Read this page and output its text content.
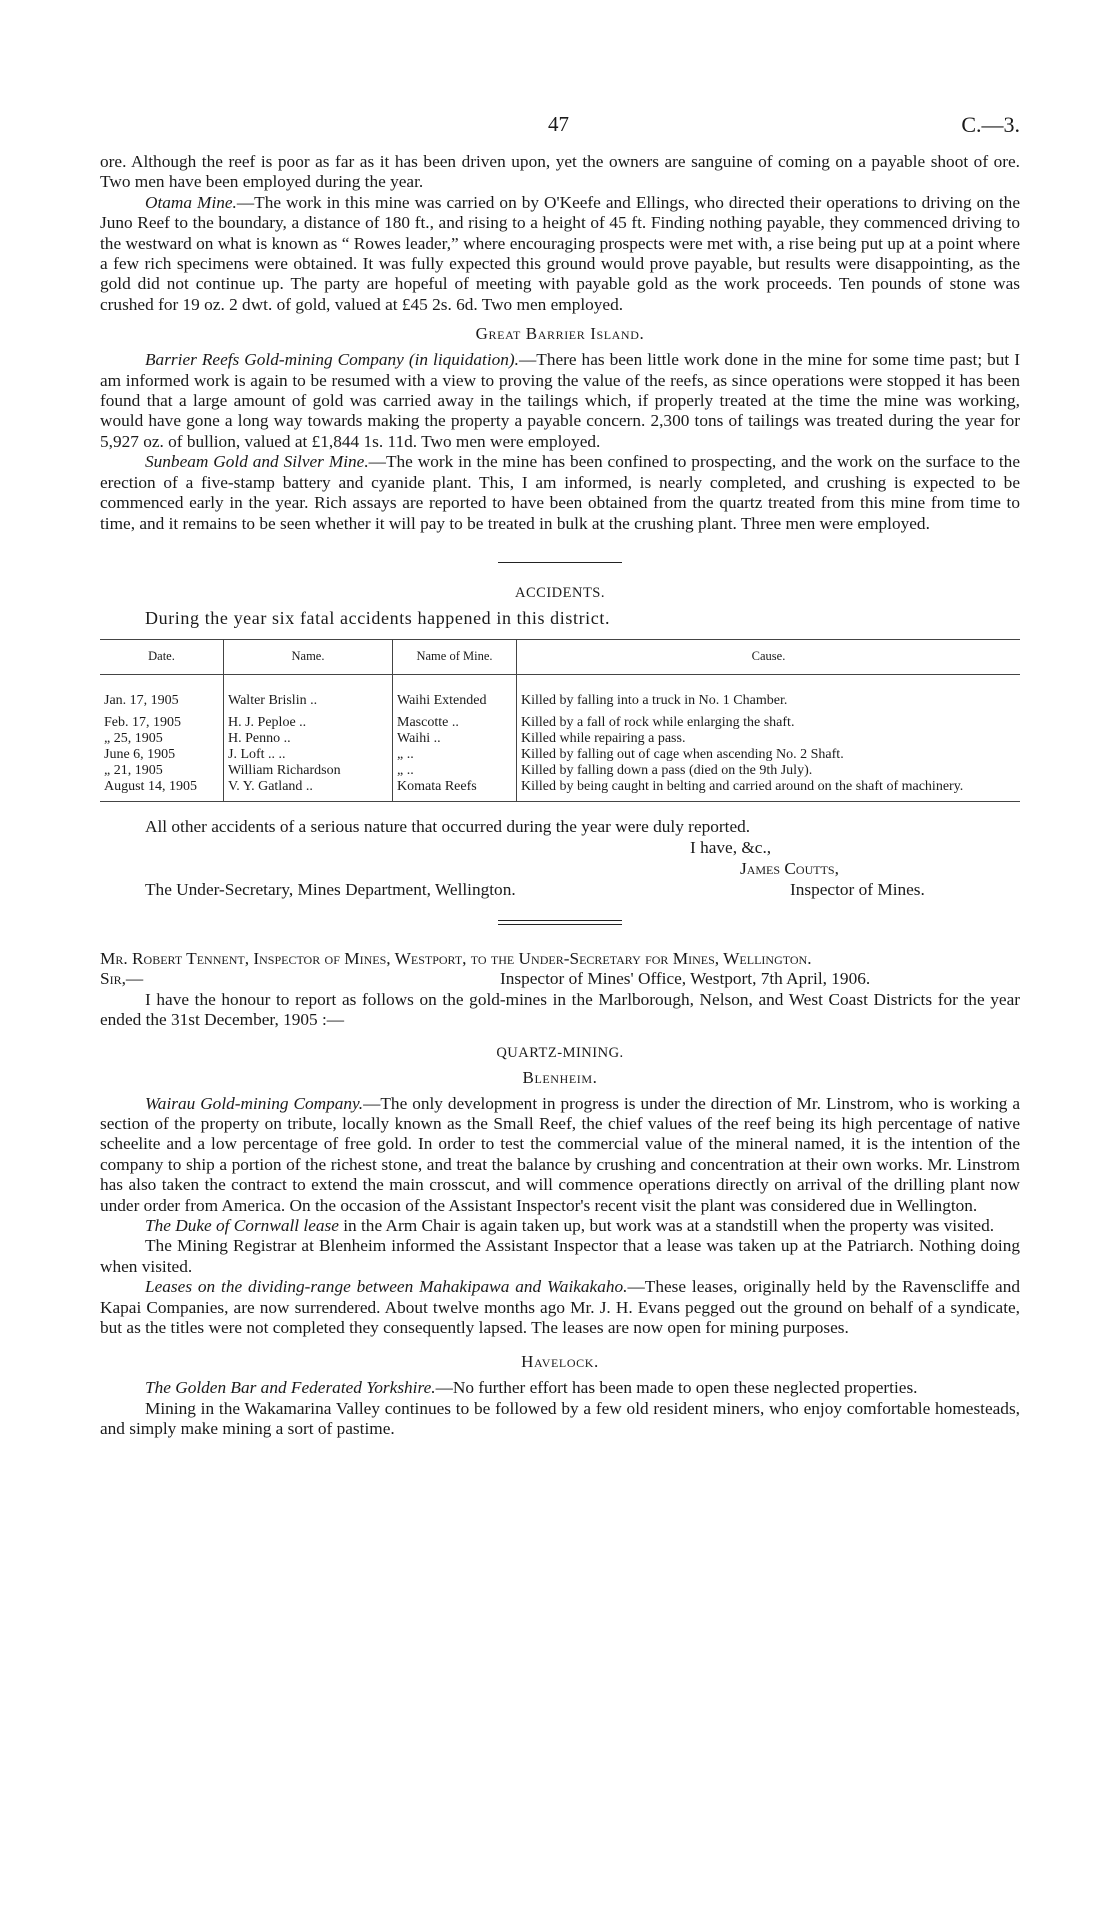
47	C.—3.

ore. Although the reef is poor as far as it has been driven upon, yet the owners are sanguine of coming on a payable shoot of ore. Two men have been employed during the year.

Otama Mine.—The work in this mine was carried on by O'Keefe and Ellings, who directed their operations to driving on the Juno Reef to the boundary, a distance of 180 ft., and rising to a height of 45 ft. Finding nothing payable, they commenced driving to the westward on what is known as “ Rowes leader,” where encouraging prospects were met with, a rise being put up at a point where a few rich specimens were obtained. It was fully expected this ground would prove payable, but results were disappointing, as the gold did not continue up. The party are hopeful of meeting with payable gold as the work proceeds. Ten pounds of stone was crushed for 19 oz. 2 dwt. of gold, valued at £45 2s. 6d. Two men employed.

Great Barrier Island.

Barrier Reefs Gold-mining Company (in liquidation).—There has been little work done in the mine for some time past; but I am informed work is again to be resumed with a view to proving the value of the reefs, as since operations were stopped it has been found that a large amount of gold was carried away in the tailings which, if properly treated at the time the mine was working, would have gone a long way towards making the property a payable concern. 2,300 tons of tailings was treated during the year for 5,927 oz. of bullion, valued at £1,844 1s. 11d. Two men were employed.

Sunbeam Gold and Silver Mine.—The work in the mine has been confined to prospecting, and the work on the surface to the erection of a five-stamp battery and cyanide plant. This, I am informed, is nearly completed, and crushing is expected to be commenced early in the year. Rich assays are reported to have been obtained from the quartz treated from this mine from time to time, and it remains to be seen whether it will pay to be treated in bulk at the crushing plant. Three men were employed.

ACCIDENTS.
During the year six fatal accidents happened in this district.
Date.	Name.	Name of Mine.	Cause.
Jan. 17, 1905	Walter Brislin ..	Waihi Extended	Killed by falling into a truck in No. 1 Chamber.

Feb. 17, 1905	H. J. Peploe ..	Mascotte ..	Killed by a fall of rock while enlarging the shaft.
„ 25, 1905	H. Penno ..	Waihi ..	Killed while repairing a pass.
June 6, 1905	J. Loft .. ..	„ ..	Killed by falling out of cage when ascending No. 2 Shaft.
„ 21, 1905	William Richardson	„ ..	Killed by falling down a pass (died on the 9th July).
August 14, 1905	V. Y. Gatland ..	Komata Reefs	Killed by being caught in belting and carried around on the shaft of machinery.
All other accidents of a serious nature that occurred during the year were duly reported.
I have, &c.,
James Coutts,
The Under-Secretary, Mines Department, Wellington.	Inspector of Mines.
Mr. Robert Tennent, Inspector of Mines, Westport, to the Under-Secretary for Mines, Wellington.
Sir,—	Inspector of Mines' Office, Westport, 7th April, 1906.

I have the honour to report as follows on the gold-mines in the Marlborough, Nelson, and West Coast Districts for the year ended the 31st December, 1905 :—

QUARTZ-MINING.
Blenheim.

Wairau Gold-mining Company.—The only development in progress is under the direction of Mr. Linstrom, who is working a section of the property on tribute, locally known as the Small Reef, the chief values of the reef being its high percentage of native scheelite and a low percentage of free gold. In order to test the commercial value of the mineral named, it is the intention of the company to ship a portion of the richest stone, and treat the balance by crushing and concentration at their own works. Mr. Linstrom has also taken the contract to extend the main crosscut, and will commence operations directly on arrival of the drilling plant now under order from America. On the occasion of the Assistant Inspector's recent visit the plant was considered due in Wellington.

The Duke of Cornwall lease in the Arm Chair is again taken up, but work was at a standstill when the property was visited.

The Mining Registrar at Blenheim informed the Assistant Inspector that a lease was taken up at the Patriarch. Nothing doing when visited.

Leases on the dividing-range between Mahakipawa and Waikakaho.—These leases, originally held by the Ravenscliffe and Kapai Companies, are now surrendered. About twelve months ago Mr. J. H. Evans pegged out the ground on behalf of a syndicate, but as the titles were not completed they consequently lapsed. The leases are now open for mining purposes.

Havelock.

The Golden Bar and Federated Yorkshire.—No further effort has been made to open these neglected properties.

Mining in the Wakamarina Valley continues to be followed by a few old resident miners, who enjoy comfortable homesteads, and simply make mining a sort of pastime.
